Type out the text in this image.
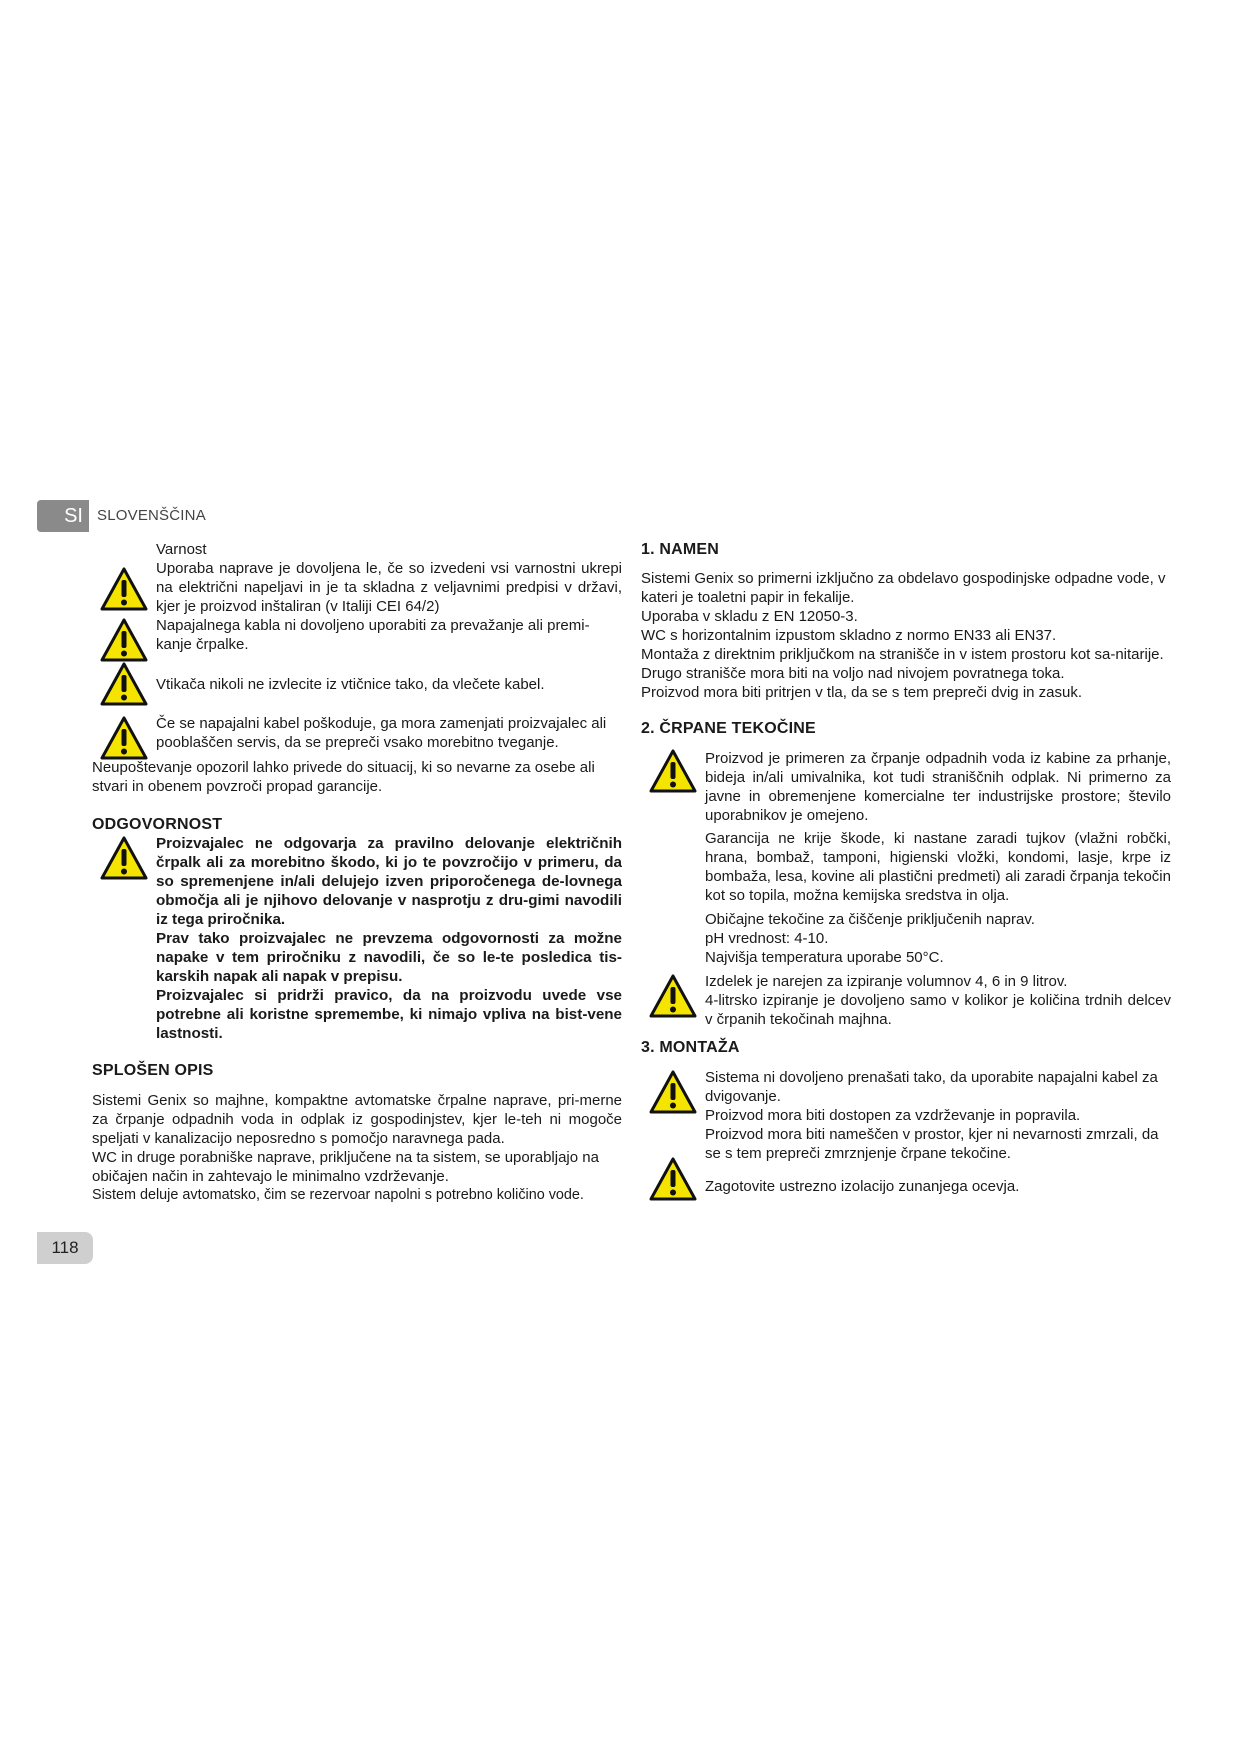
SI SLOVENŠČINA

Varnost

Uporaba naprave je dovoljena le, če so izvedeni vsi varnostni ukrepi na električni napeljavi in je ta skladna z veljavnimi predpisi v državi, kjer je proizvod inštaliran (v Italiji CEI 64/2)

Napajalnega kabla ni dovoljeno uporabiti za prevažanje ali premi-kanje črpalke.

Vtikača nikoli ne izvlecite iz vtičnice tako, da vlečete kabel.

Če se napajalni kabel poškoduje, ga mora zamenjati proizvajalec ali pooblaščen servis, da se prepreči vsako morebitno tveganje.

Neupoštevanje opozoril lahko privede do situacij, ki so nevarne za osebe ali stvari in obenem povzroči propad garancije.

ODGOVORNOST

Proizvajalec ne odgovarja za pravilno delovanje električnih črpalk ali za morebitno škodo, ki jo te povzročijo v primeru, da so spremenjene in/ali delujejo izven priporočenega de-lovnega območja ali je njihovo delovanje v nasprotju z dru-gimi navodili iz tega priročnika.

Prav tako proizvajalec ne prevzema odgovornosti za možne napake v tem priročniku z navodili, če so le-te posledica tis-karskih napak ali napak v prepisu.

Proizvajalec si pridrži pravico, da na proizvodu uvede vse potrebne ali koristne spremembe, ki nimajo vpliva na bist-vene lastnosti.

SPLOŠEN OPIS

Sistemi Genix so majhne, kompaktne avtomatske črpalne naprave, pri-merne za črpanje odpadnih voda in odplak iz gospodinjstev, kjer le-teh ni mogoče speljati v kanalizacijo neposredno s pomočjo naravnega pada.

WC in druge porabniške naprave, priključene na ta sistem, se uporabljajo na običajen način in zahtevajo le minimalno vzdrževanje.

Sistem deluje avtomatsko, čim se rezervoar napolni s potrebno količino vode.

1. NAMEN

Sistemi Genix so primerni izključno za obdelavo gospodinjske odpadne vode, v kateri je toaletni papir in fekalije.

Uporaba v skladu z EN 12050-3.

WC s horizontalnim izpustom skladno z normo EN33 ali EN37.

Montaža z direktnim priključkom na stranišče in v istem prostoru kot sa-nitarije.

Drugo stranišče mora biti na voljo nad nivojem povratnega toka.

Proizvod mora biti pritrjen v tla, da se s tem prepreči dvig in zasuk.

2. ČRPANE TEKOČINE

Proizvod je primeren za črpanje odpadnih voda iz kabine za prhanje, bideja in/ali umivalnika, kot tudi straniščnih odplak. Ni primerno za javne in obremenjene komercialne ter industrijske prostore; število uporabnikov je omejeno.

Garancija ne krije škode, ki nastane zaradi tujkov (vlažni robčki, hrana, bombaž, tamponi, higienski vložki, kondomi, lasje, krpe iz bombaža, lesa, kovine ali plastični predmeti) ali zaradi črpanja tekočin kot so topila, možna kemijska sredstva in olja.

Običajne tekočine za čiščenje priključenih naprav.

pH vrednost: 4-10.

Najvišja temperatura uporabe 50°C.

Izdelek je narejen za izpiranje volumnov 4, 6 in 9 litrov.

4-litrsko izpiranje je dovoljeno samo v kolikor je količina trdnih delcev v črpanih tekočinah majhna.

3. MONTAŽA

Sistema ni dovoljeno prenašati tako, da uporabite napajalni kabel za dvigovanje.

Proizvod mora biti dostopen za vzdrževanje in popravila.

Proizvod mora biti nameščen v prostor, kjer ni nevarnosti zmrzali, da se s tem prepreči zmrznjenje črpane tekočine.

Zagotovite ustrezno izolacijo zunanjega ocevja.

118
